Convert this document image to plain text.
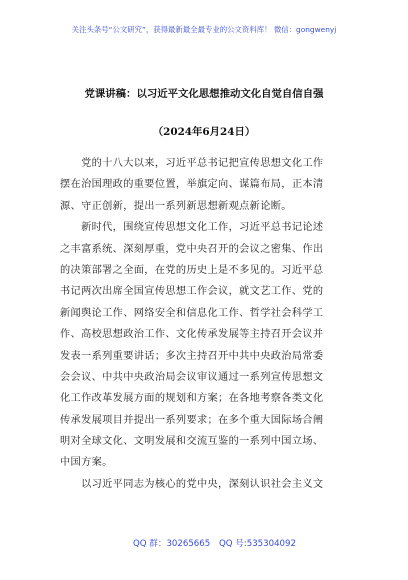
关注头条号“公文研究”，获得最新最全最专业的公文资料库！ 微信：gongwenyj
党课讲稿：以习近平文化思想推动文化自觉自信自强
（2024年6月24日）
　　党的十八大以来，习近平总书记把宣传思想文化工作
摆在治国理政的重要位置，举旗定向、谋篇布局，正本清
源、守正创新，提出一系列新思想新观点新论断。
　　新时代，围绕宣传思想文化工作，习近平总书记论述
之丰富系统、深刻厚重，党中央召开的会议之密集、作出
的决策部署之全面，在党的历史上是不多见的。习近平总
书记两次出席全国宣传思想工作会议，就文艺工作、党的
新闻舆论工作、网络安全和信息化工作、哲学社会科学工
作、高校思想政治工作、文化传承发展等主持召开会议并
发表一系列重要讲话；多次主持召开中共中央政治局常委
会会议、中共中央政治局会议审议通过一系列宣传思想文
化工作改革发展方面的规划和方案；在各地考察各类文化
传承发展项目并提出一系列要求；在多个重大国际场合阐
明对全球文化、文明发展和交流互鉴的一系列中国立场、
中国方案。
　　以习近平同志为核心的党中央，深刻认识社会主义文
QQ 群：30265665 QQ 号:535304092
